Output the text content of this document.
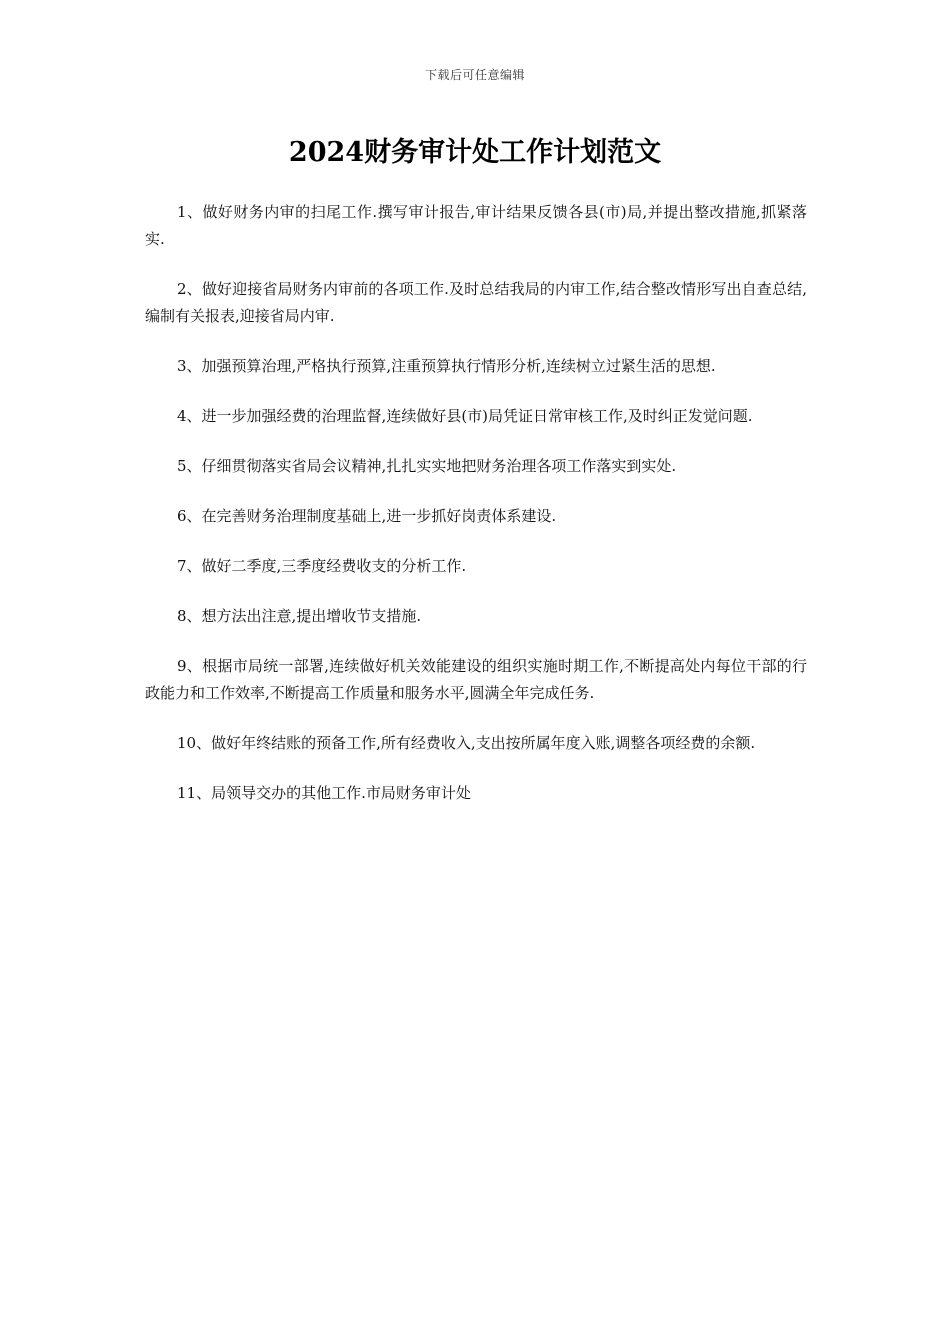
下载后可任意编辑
2024财务审计处工作计划范文

1、做好财务内审的扫尾工作.撰写审计报告,审计结果反馈各县(市)局,并提出整改措施,抓紧落实.

2、做好迎接省局财务内审前的各项工作.及时总结我局的内审工作,结合整改情形写出自查总结,编制有关报表,迎接省局内审.

3、加强预算治理,严格执行预算,注重预算执行情形分析,连续树立过紧生活的思想.

4、进一步加强经费的治理监督,连续做好县(市)局凭证日常审核工作,及时纠正发觉问题.

5、仔细贯彻落实省局会议精神,扎扎实实地把财务治理各项工作落实到实处.

6、在完善财务治理制度基础上,进一步抓好岗责体系建设.

7、做好二季度,三季度经费收支的分析工作.

8、想方法出注意,提出增收节支措施.

9、根据市局统一部署,连续做好机关效能建设的组织实施时期工作,不断提高处内每位干部的行政能力和工作效率,不断提高工作质量和服务水平,圆满全年完成任务.

10、做好年终结账的预备工作,所有经费收入,支出按所属年度入账,调整各项经费的余额.

11、局领导交办的其他工作.市局财务审计处
